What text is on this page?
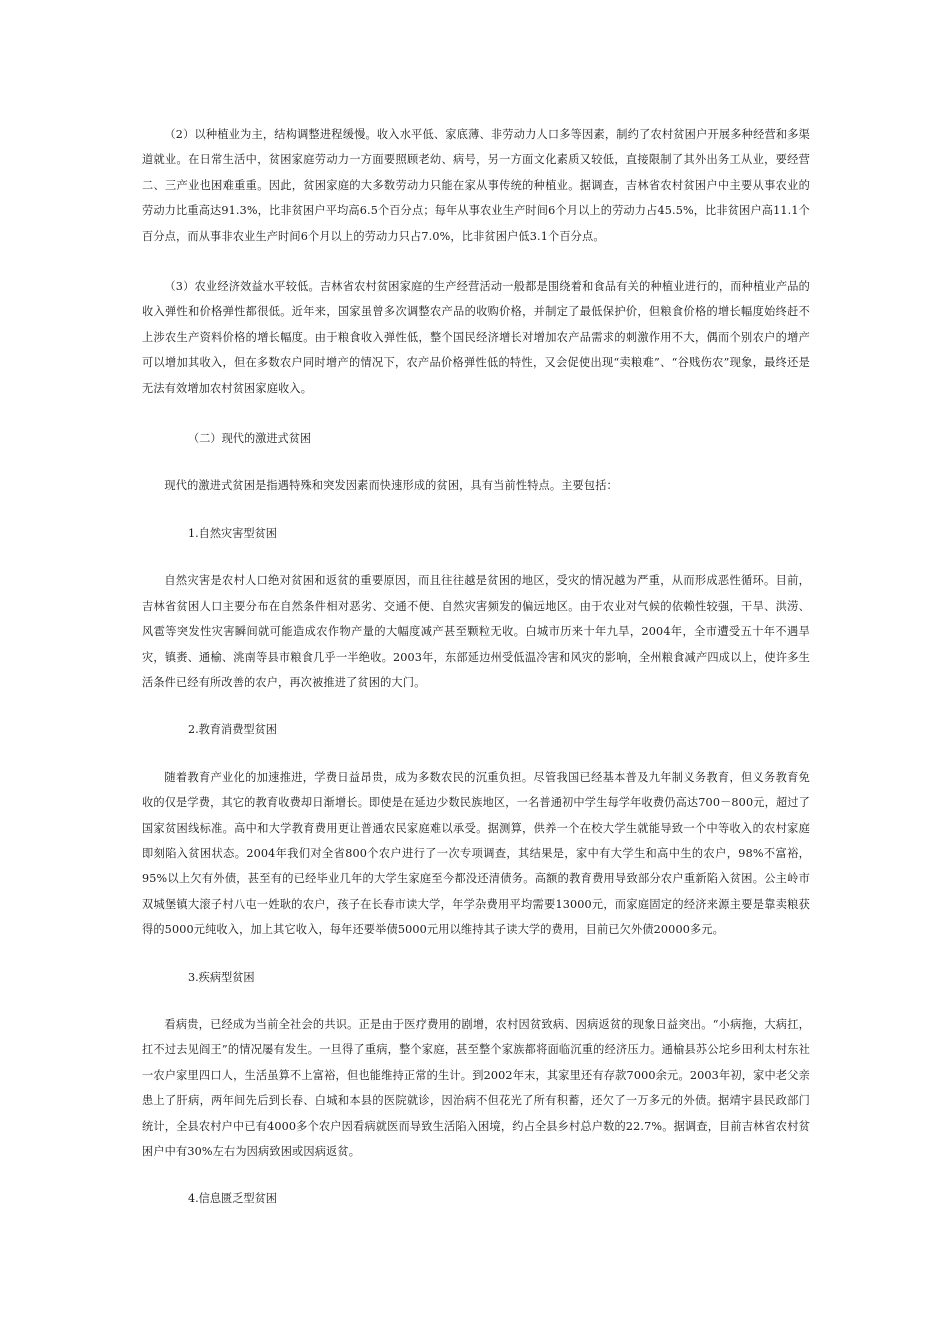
（2）以种植业为主，结构调整进程缓慢。收入水平低、家底薄、非劳动力人口多等因素，制约了农村贫困户开展多种经营和多渠道就业。在日常生活中，贫困家庭劳动力一方面要照顾老幼、病号，另一方面文化素质又较低，直接限制了其外出务工从业，要经营二、三产业也困难重重。因此，贫困家庭的大多数劳动力只能在家从事传统的种植业。据调查，吉林省农村贫困户中主要从事农业的劳动力比重高达91.3%，比非贫困户平均高6.5个百分点；每年从事农业生产时间6个月以上的劳动力占45.5%，比非贫困户高11.1个百分点，而从事非农业生产时间6个月以上的劳动力只占7.0%，比非贫困户低3.1个百分点。

（3）农业经济效益水平较低。吉林省农村贫困家庭的生产经营活动一般都是围绕着和食品有关的种植业进行的，而种植业产品的收入弹性和价格弹性都很低。近年来，国家虽曾多次调整农产品的收购价格，并制定了最低保护价，但粮食价格的增长幅度始终赶不上涉农生产资料价格的增长幅度。由于粮食收入弹性低，整个国民经济增长对增加农产品需求的刺激作用不大，偶而个别农户的增产可以增加其收入，但在多数农户同时增产的情况下，农产品价格弹性低的特性，又会促使出现“卖粮难”、“谷贱伤农”现象，最终还是无法有效增加农村贫困家庭收入。

（二）现代的激进式贫困

现代的激进式贫困是指遇特殊和突发因素而快速形成的贫困，具有当前性特点。主要包括：

1.自然灾害型贫困

自然灾害是农村人口绝对贫困和返贫的重要原因，而且往往越是贫困的地区，受灾的情况越为严重，从而形成恶性循环。目前，吉林省贫困人口主要分布在自然条件相对恶劣、交通不便、自然灾害频发的偏远地区。由于农业对气候的依赖性较强，干旱、洪涝、风雹等突发性灾害瞬间就可能造成农作物产量的大幅度减产甚至颗粒无收。白城市历来十年九旱，2004年，全市遭受五十年不遇旱灾，镇赉、通榆、洮南等县市粮食几乎一半绝收。2003年，东部延边州受低温冷害和风灾的影响，全州粮食减产四成以上，使许多生活条件已经有所改善的农户，再次被推进了贫困的大门。

2.教育消费型贫困

随着教育产业化的加速推进，学费日益昂贵，成为多数农民的沉重负担。尽管我国已经基本普及九年制义务教育，但义务教育免收的仅是学费，其它的教育收费却日渐增长。即使是在延边少数民族地区，一名普通初中学生每学年收费仍高达700－800元，超过了国家贫困线标准。高中和大学教育费用更让普通农民家庭难以承受。据测算，供养一个在校大学生就能导致一个中等收入的农村家庭即刻陷入贫困状态。2004年我们对全省800个农户进行了一次专项调查，其结果是，家中有大学生和高中生的农户，98%不富裕，95%以上欠有外债，甚至有的已经毕业几年的大学生家庭至今都没还清债务。高额的教育费用导致部分农户重新陷入贫困。公主岭市双城堡镇大滚子村八屯一姓耿的农户，孩子在长春市读大学，年学杂费用平均需要13000元，而家庭固定的经济来源主要是靠卖粮获得的5000元纯收入，加上其它收入，每年还要举债5000元用以维持其子读大学的费用，目前已欠外债20000多元。

3.疾病型贫困

看病贵，已经成为当前全社会的共识。正是由于医疗费用的剧增，农村因贫致病、因病返贫的现象日益突出。“小病拖，大病扛，扛不过去见阎王”的情况屡有发生。一旦得了重病，整个家庭，甚至整个家族都将面临沉重的经济压力。通榆县苏公坨乡田利太村东社一农户家里四口人，生活虽算不上富裕，但也能维持正常的生计。到2002年末，其家里还有存款7000余元。2003年初，家中老父亲患上了肝病，两年间先后到长春、白城和本县的医院就诊，因治病不但花光了所有积蓄，还欠了一万多元的外债。据靖宇县民政部门统计，全县农村户中已有4000多个农户因看病就医而导致生活陷入困境，约占全县乡村总户数的22.7%。据调查，目前吉林省农村贫困户中有30%左右为因病致困或因病返贫。

4.信息匮乏型贫困
